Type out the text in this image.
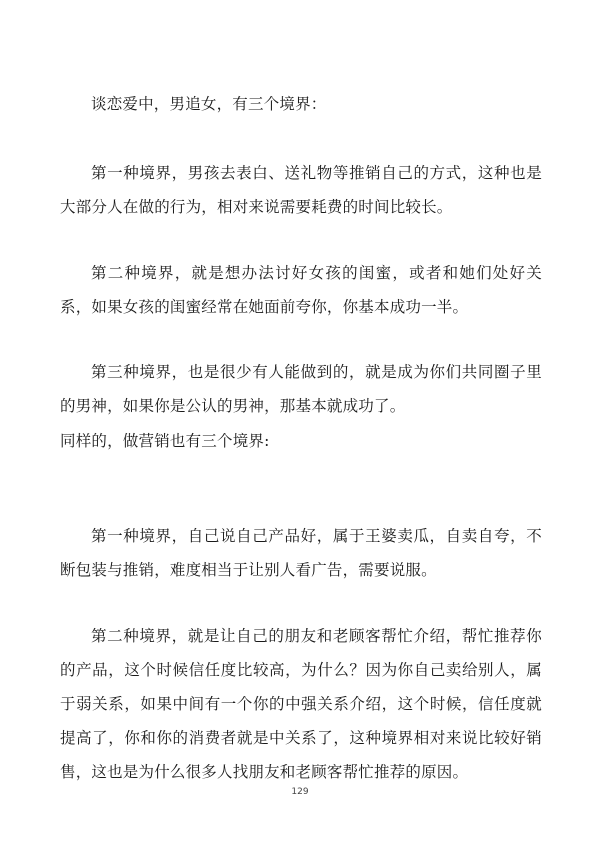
谈恋爱中，男追女，有三个境界：

第一种境界，男孩去表白、送礼物等推销自己的方式，这种也是大部分人在做的行为，相对来说需要耗费的时间比较长。

第二种境界，就是想办法讨好女孩的闺蜜，或者和她们处好关系，如果女孩的闺蜜经常在她面前夸你，你基本成功一半。

第三种境界，也是很少有人能做到的，就是成为你们共同圈子里的男神，如果你是公认的男神，那基本就成功了。

同样的，做营销也有三个境界:

第一种境界，自己说自己产品好，属于王婆卖瓜，自卖自夸，不断包装与推销，难度相当于让别人看广告，需要说服。

第二种境界，就是让自己的朋友和老顾客帮忙介绍，帮忙推荐你的产品，这个时候信任度比较高，为什么？因为你自己卖给别人，属于弱关系，如果中间有一个你的中强关系介绍，这个时候，信任度就提高了，你和你的消费者就是中关系了，这种境界相对来说比较好销售，这也是为什么很多人找朋友和老顾客帮忙推荐的原因。

129
